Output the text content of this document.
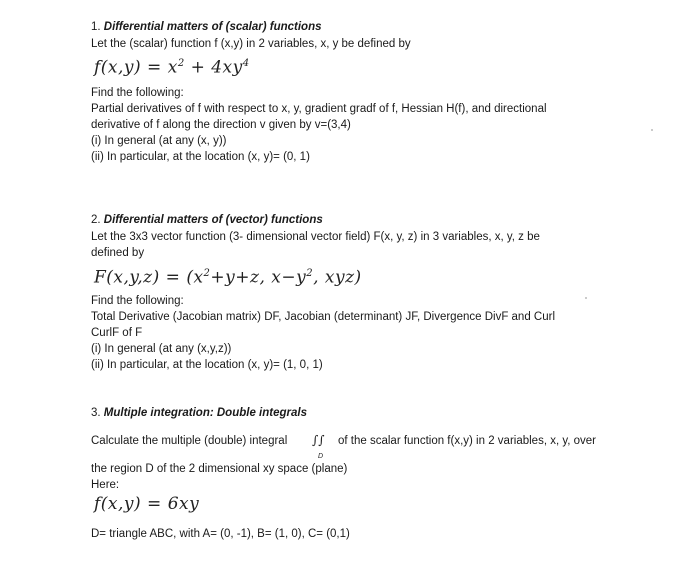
1. Differential matters of (scalar) functions
Let the (scalar) function f (x,y) in 2 variables, x, y be defined by
$f(x,y) = x^2 + 4xy^4$
Find the following:
Partial derivatives of f with respect to x, y, gradient gradf of f, Hessian H(f), and directional
derivative of f along the direction v given by v=(3,4)
(i) In general (at any (x, y))
(ii) In particular, at the location (x, y)= (0, 1)
2. Differential matters of (vector) functions
Let the 3x3 vector function (3- dimensional vector field) F(x, y, z) in 3 variables, x, y, z be
defined by
$F(x,y,z) = (x^2+y+z$, $x-y^2$, xyz)
Find the following:
Total Derivative (Jacobian matrix) DF, Jacobian (determinant) JF, Divergence DivF and Curl
CurlF of F
(i) In general (at any (x,y,z))
(ii) In particular, at the location (x, y)= (1, 0, 1)
3. Multiple integration: Double integrals
Calculate the multiple (double) integral ∫∫
D
of the scalar function f(x,y) in 2 variables, x, y, over
the region D of the 2 dimensional xy space (plane)
Here:
f(x,y) = 6xy
D= triangle ABC, with A= (0, -1), B= (1, 0), C= (0,1)
